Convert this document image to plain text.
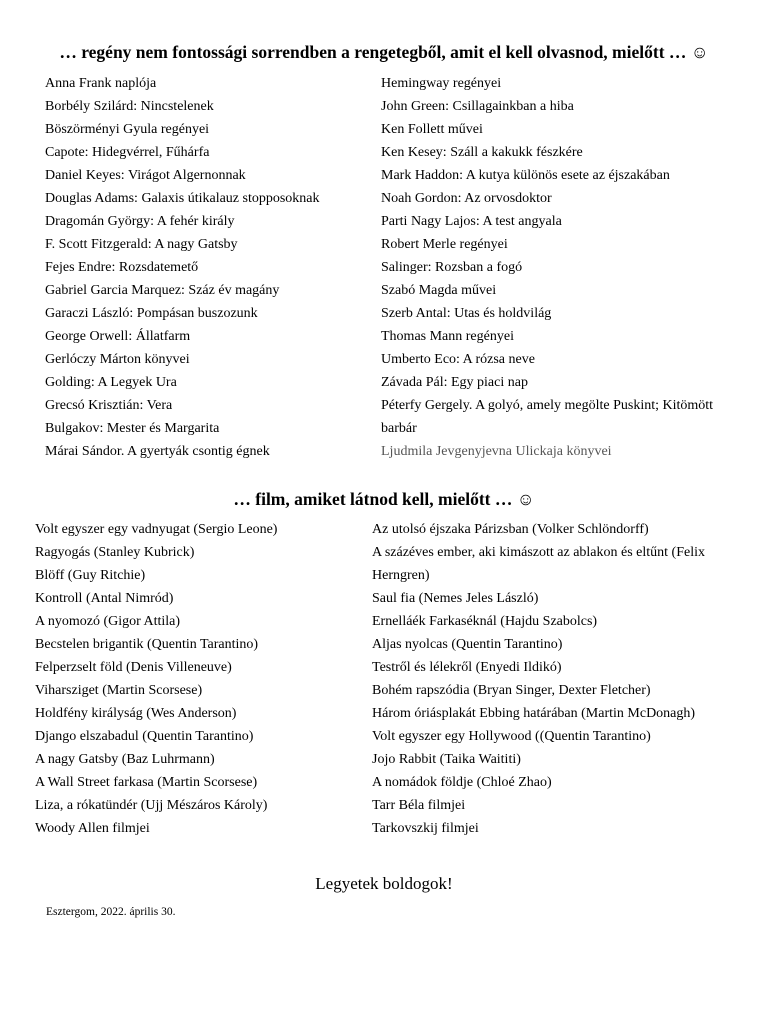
… regény nem fontossági sorrendben a rengetegből, amit el kell olvasnod, mielőtt … ☺
Anna Frank naplója
Borbély Szilárd: Nincstelenek
Böszörményi Gyula regényei
Capote: Hidegvérrel, Fűhárfa
Daniel Keyes: Virágot Algernonnak
Douglas Adams: Galaxis útikalauz stopposoknak
Dragomán György: A fehér király
F. Scott Fitzgerald: A nagy Gatsby
Fejes Endre: Rozsdatemető
Gabriel Garcia Marquez: Száz év magány
Garaczi László: Pompásan buszozunk
George Orwell: Állatfarm
Gerlóczy Márton könyvei
Golding: A Legyek Ura
Grecsó Krisztián: Vera
Bulgakov: Mester és Margarita
Márai Sándor. A gyertyák csontig égnek
Hemingway regényei
John Green: Csillagainkban a hiba
Ken Follett művei
Ken Kesey: Száll a kakukk fészkére
Mark Haddon: A kutya különös esete az éjszakában
Noah Gordon: Az orvosdoktor
Parti Nagy Lajos: A test angyala
Robert Merle regényei
Salinger: Rozsban a fogó
Szabó Magda művei
Szerb Antal: Utas és holdvilág
Thomas Mann regényei
Umberto Eco: A rózsa neve
Závada Pál: Egy piaci nap
Péterfy Gergely. A golyó, amely megölte Puskint; Kitömött barbár
Ljudmila Jevgenyjevna Ulickaja könyvei
… film, amiket látnod kell, mielőtt … ☺
Volt egyszer egy vadnyugat (Sergio Leone)
Ragyogás (Stanley Kubrick)
Blöff (Guy Ritchie)
Kontroll (Antal Nimród)
A nyomozó (Gigor Attila)
Becstelen brigantik (Quentin Tarantino)
Felperzselt föld (Denis Villeneuve)
Viharsziget (Martin Scorsese)
Holdfény királyság (Wes Anderson)
Django elszabadul (Quentin Tarantino)
A nagy Gatsby (Baz Luhrmann)
A Wall Street farkasa (Martin Scorsese)
Liza, a rókatündér (Ujj Mészáros Károly)
Woody Allen filmjei
Az utolsó éjszaka Párizsban (Volker Schlöndorff)
A százéves ember, aki kimászott az ablakon és eltűnt (Felix Herngren)
Saul fia (Nemes Jeles László)
Ernelláék Farkaséknál (Hajdu Szabolcs)
Aljas nyolcas (Quentin Tarantino)
Testről és lélekről (Enyedi Ildikó)
Bohém rapszódia (Bryan Singer, Dexter Fletcher)
Három óriásplakát Ebbing határában (Martin McDonagh)
Volt egyszer egy Hollywood ((Quentin Tarantino)
Jojo Rabbit (Taika Waititi)
A nomádok földje (Chloé Zhao)
Tarr Béla filmjei
Tarkovszkij filmjei
Legyetek boldogok!
Esztergom, 2022. április 30.
